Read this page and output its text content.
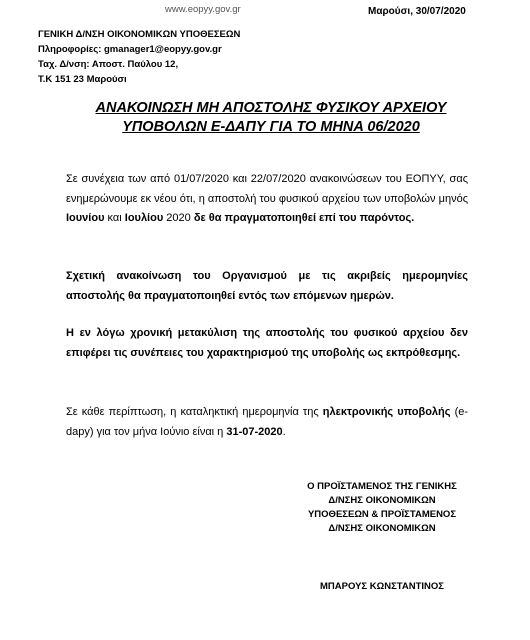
www.eopyy.gov.gr	Μαρούσι, 30/07/2020
ΓΕΝΙΚΗ Δ/ΝΣΗ ΟΙΚΟΝΟΜΙΚΩΝ ΥΠΟΘΕΣΕΩΝ
Πληροφορίες: gmanager1@eopyy.gov.gr
Ταχ. Δ/νση: Αποστ. Παύλου 12,
Τ.Κ 151 23 Μαρούσι
ΑΝΑΚΟΙΝΩΣΗ ΜΗ ΑΠΟΣΤΟΛΗΣ ΦΥΣΙΚΟΥ ΑΡΧΕΙΟΥ
ΥΠΟΒΟΛΩΝ Ε-ΔΑΠΥ ΓΙΑ ΤΟ ΜΗΝΑ 06/2020
Σε συνέχεια των από 01/07/2020 και 22/07/2020 ανακοινώσεων του ΕΟΠΥΥ, σας ενημερώνουμε εκ νέου ότι, η αποστολή του φυσικού αρχείου των υποβολών μηνός Ιουνίου και Ιουλίου 2020 δε θα πραγματοποιηθεί επί του παρόντος.
Σχετική ανακοίνωση του Οργανισμού με τις ακριβείς ημερομηνίες αποστολής θα πραγματοποιηθεί εντός των επόμενων ημερών.
Η εν λόγω χρονική μετακύλιση της αποστολής του φυσικού αρχείου δεν επιφέρει τις συνέπειες του χαρακτηρισμού της υποβολής ως εκπρόθεσμης.
Σε κάθε περίπτωση, η καταληκτική ημερομηνία της ηλεκτρονικής υποβολής (e-dapy) για τον μήνα Ιούνιο είναι η 31-07-2020.
Ο ΠΡΟΪΣΤΑΜΕΝΟΣ ΤΗΣ ΓΕΝΙΚΗΣ
Δ/ΝΣΗΣ ΟΙΚΟΝΟΜΙΚΩΝ
ΥΠΟΘΕΣΕΩΝ & ΠΡΟΪΣΤΑΜΕΝΟΣ
Δ/ΝΣΗΣ ΟΙΚΟΝΟΜΙΚΩΝ
ΜΠΑΡΟΥΣ ΚΩΝΣΤΑΝΤΙΝΟΣ
